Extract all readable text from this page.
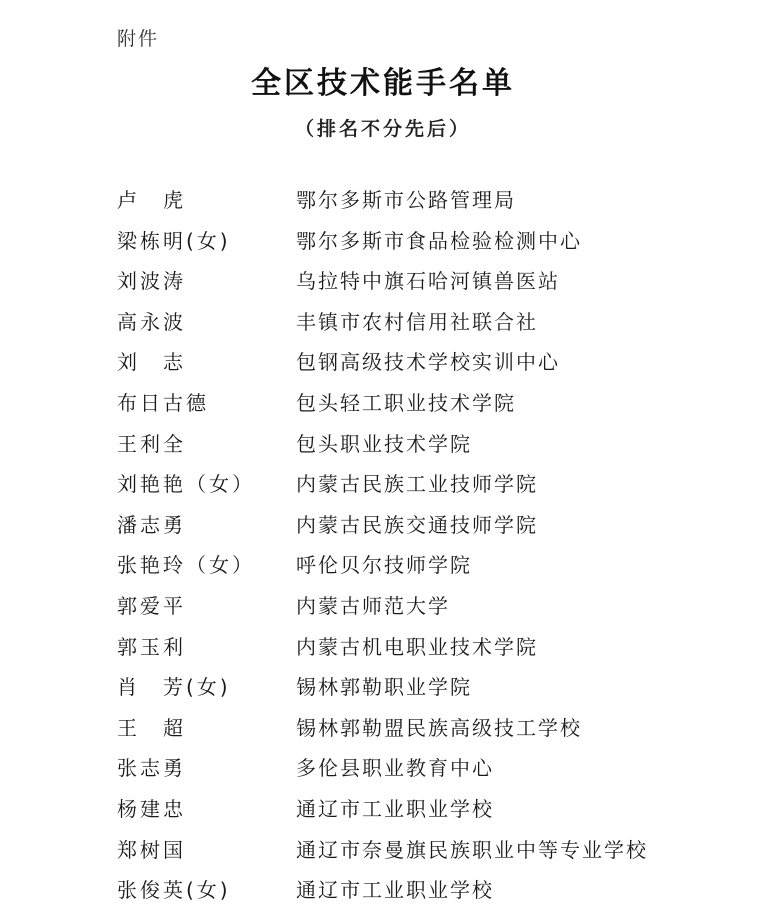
附件
全区技术能手名单
（排名不分先后）
卢　虎	鄂尔多斯市公路管理局
梁栋明(女)	鄂尔多斯市食品检验检测中心
刘波涛	乌拉特中旗石哈河镇兽医站
高永波	丰镇市农村信用社联合社
刘　志	包钢高级技术学校实训中心
布日古德	包头轻工职业技术学院
王利全	包头职业技术学院
刘艳艳（女） 内蒙古民族工业技师学院
潘志勇	内蒙古民族交通技师学院
张艳玲（女） 呼伦贝尔技师学院
郭爱平	内蒙古师范大学
郭玉利	内蒙古机电职业技术学院
肖　芳(女)	锡林郭勒职业学院
王　超	锡林郭勒盟民族高级技工学校
张志勇	多伦县职业教育中心
杨建忠	通辽市工业职业学校
郑树国	通辽市奈曼旗民族职业中等专业学校
张俊英(女)	通辽市工业职业学校
